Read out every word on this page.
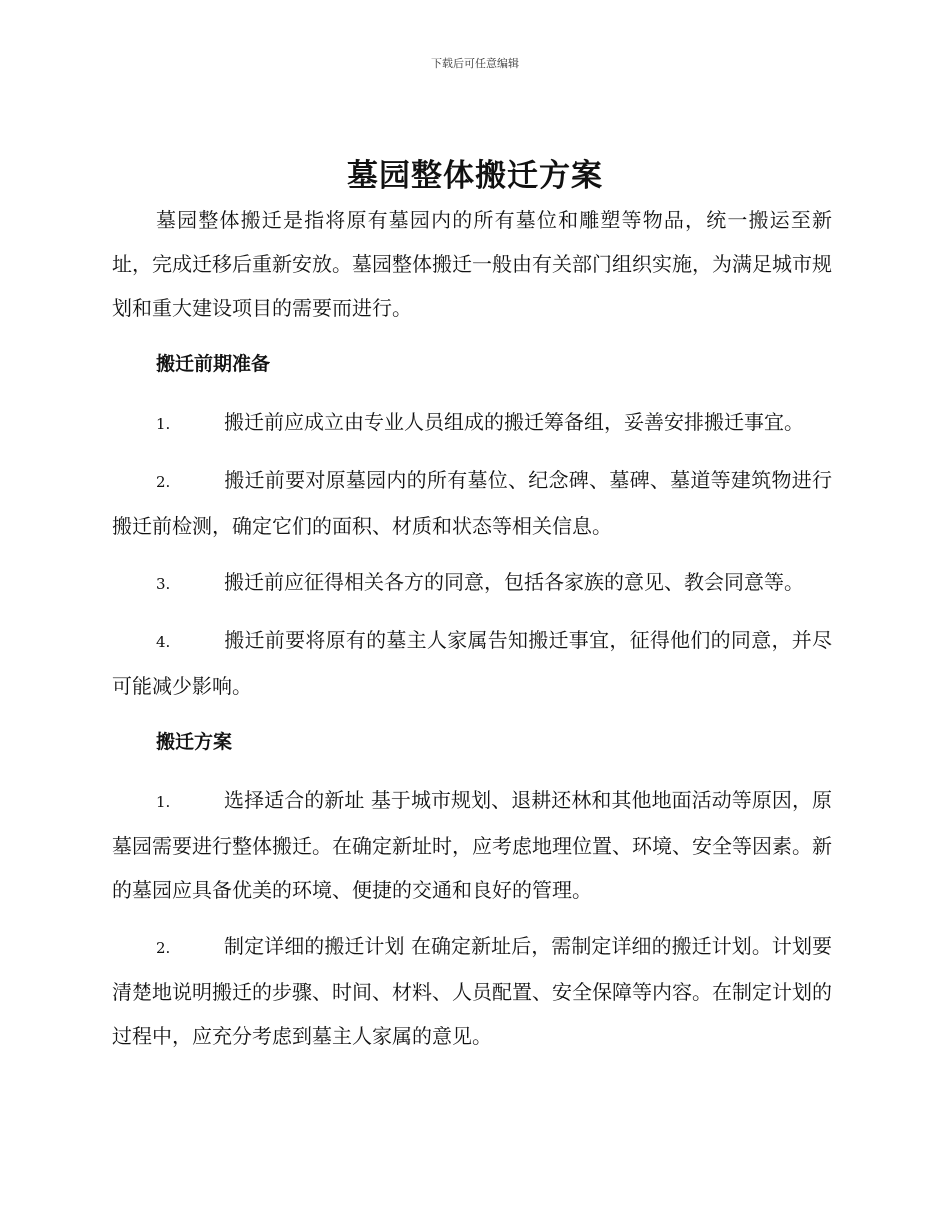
下载后可任意编辑
墓园整体搬迁方案

墓园整体搬迁是指将原有墓园内的所有墓位和雕塑等物品，统一搬运至新址，完成迁移后重新安放。墓园整体搬迁一般由有关部门组织实施，为满足城市规划和重大建设项目的需要而进行。

搬迁前期准备

1.	搬迁前应成立由专业人员组成的搬迁筹备组，妥善安排搬迁事宜。

2.	搬迁前要对原墓园内的所有墓位、纪念碑、墓碑、墓道等建筑物进行搬迁前检测，确定它们的面积、材质和状态等相关信息。

3.	搬迁前应征得相关各方的同意，包括各家族的意见、教会同意等。

4.	搬迁前要将原有的墓主人家属告知搬迁事宜，征得他们的同意，并尽可能减少影响。

搬迁方案

1.	选择适合的新址 基于城市规划、退耕还林和其他地面活动等原因，原墓园需要进行整体搬迁。在确定新址时，应考虑地理位置、环境、安全等因素。新的墓园应具备优美的环境、便捷的交通和良好的管理。

2.	制定详细的搬迁计划 在确定新址后，需制定详细的搬迁计划。计划要清楚地说明搬迁的步骤、时间、材料、人员配置、安全保障等内容。在制定计划的过程中，应充分考虑到墓主人家属的意见。
